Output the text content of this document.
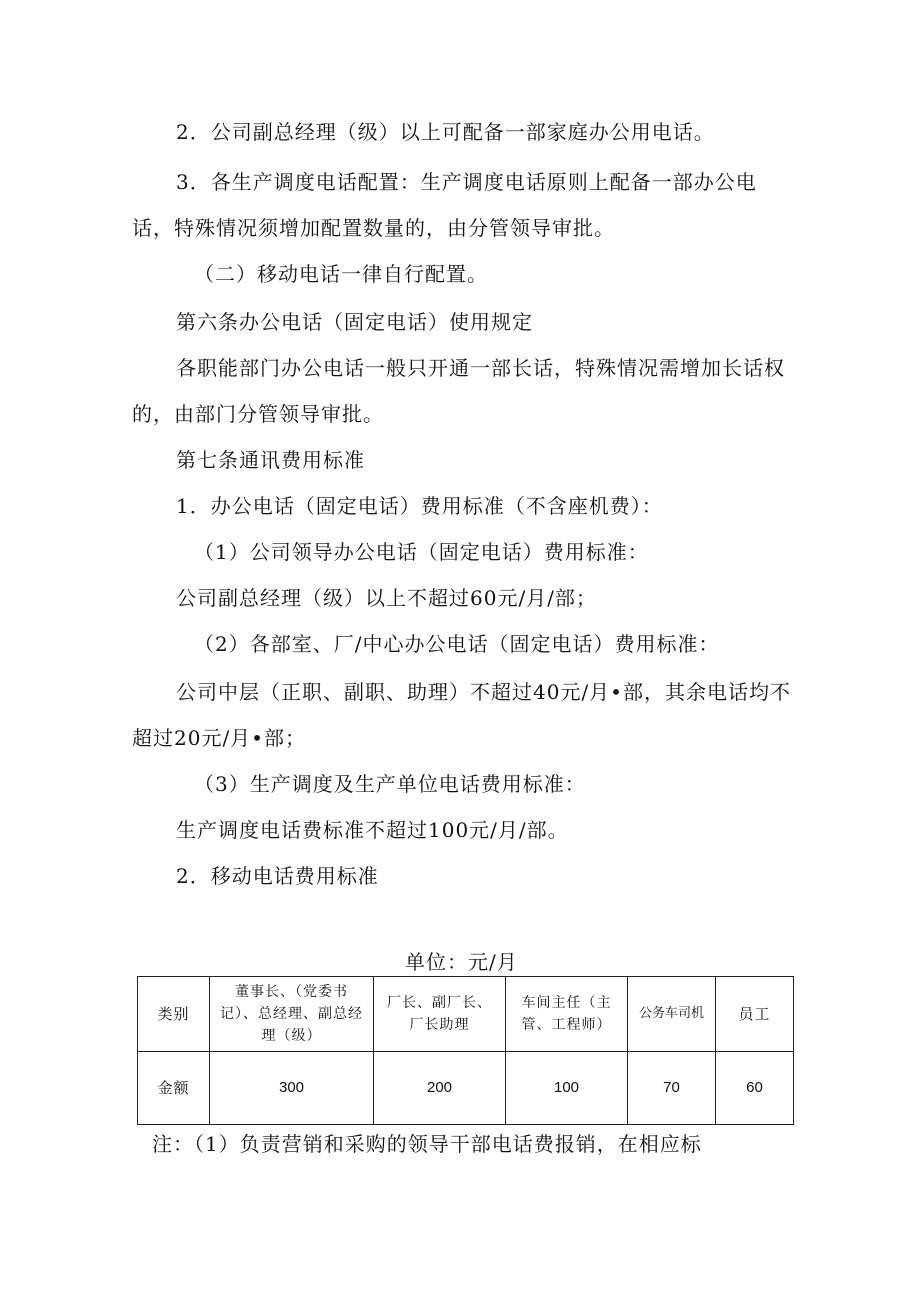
2．公司副总经理（级）以上可配备一部家庭办公用电话。
3．各生产调度电话配置：生产调度电话原则上配备一部办公电
话，特殊情况须增加配置数量的，由分管领导审批。
（二）移动电话一律自行配置。
第六条办公电话（固定电话）使用规定
各职能部门办公电话一般只开通一部长话，特殊情况需增加长话权
的，由部门分管领导审批。
第七条通讯费用标准
1．办公电话（固定电话）费用标准（不含座机费）：
（1）公司领导办公电话（固定电话）费用标准：
公司副总经理（级）以上不超过60元/月/部；
（2）各部室、厂/中心办公电话（固定电话）费用标准：
公司中层（正职、副职、助理）不超过40元/月•部，其余电话均不
超过20元/月•部；
（3）生产调度及生产单位电话费用标准：
生产调度电话费标准不超过100元/月/部。
2．移动电话费用标准
单位：元/月
类别	董事长、（党委书记）、总经理、副总经理（级）	厂长、副厂长、厂长助理	车间主任（主管、工程师）	公务车司机	员工
金额	300	200	100	70	60
注：（1）负责营销和采购的领导干部电话费报销，在相应标
